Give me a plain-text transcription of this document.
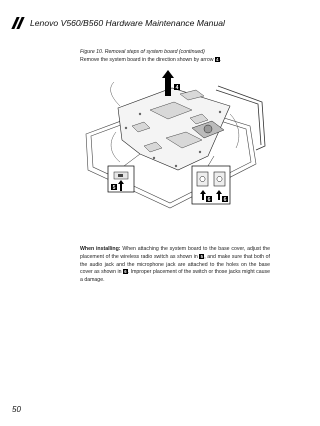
Lenovo V560/B560 Hardware Maintenance Manual
Figure 10. Removal steps of system board (continued)
Remove the system board in the direction shown by arrow 4.
4
5
6	6
When installing: When attaching the system board to the base cover, adjust the placement of the wireless radio switch as shown in 5, and make sure that both of the audio jack and the microphone jack are attached to the holes on the base cover as shown in 6. Improper placement of the switch or those jacks might cause a damage.
50
